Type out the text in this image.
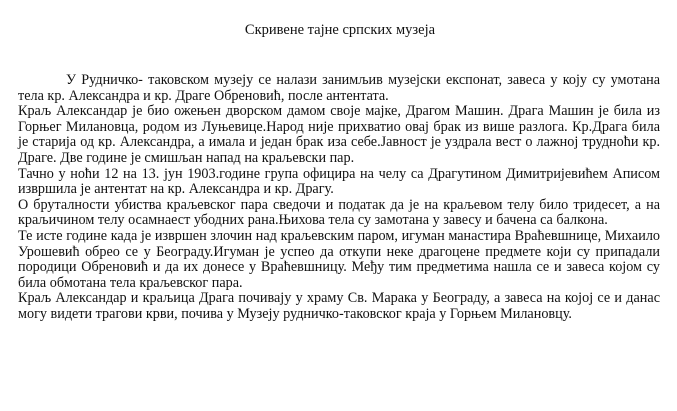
Скривене тајне српских музеја

У Рудничко- таковском музеју се налази занимљив музејски експонат, завеса у коју су умотана тела кр. Александра и кр. Драге Обреновић, после антентата.

Краљ Александар је био ожењен дворском дамом своје мајке, Драгом Машин. Драга Машин је била из Горњег Милановца, родом из Луњевице.Народ није прихватио овај брак из више разлога. Кр.Драга била је старија од кр. Александра, а имала и један брак иза себе.Јавност је уздрала вест о лажној трудноћи кр. Драге. Две године је смишљан напад на краљевски пар.

Тачно у ноћи 12 на 13. јун 1903.године група официра на челу са Драгутином Димитријевићем Аписом извршила је антентат на кр. Александра и кр. Драгу.

О бруталности убиства краљевског пара сведочи и податак да је на краљевом телу било тридесет, а на краљичином телу осамнаест убодних рана.Њихова тела су замотана у завесу и бачена са балкона.

Те исте године када је извршен злочин над краљевским паром, игуман манастира Враћевшнице, Михаило Урошевић обрео се у Београду.Игуман је успео да откупи неке драгоцене предмете који су припадали породици Обреновић и да их донесе у Враћевшницу. Међу тим предметима нашла се и завеса којом су била обмотана тела краљевског пара.

Краљ Александар и краљица Драга почивају у храму Св. Марака у Београду, а завеса на којој се и данас могу видети трагови крви, почива у Музеју рудничко-таковског краја у Горњем Милановцу.
